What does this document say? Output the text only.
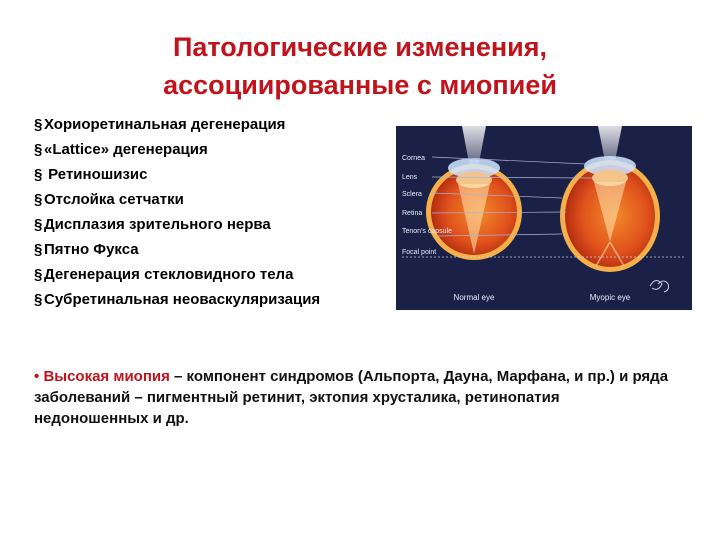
Патологические изменения,
ассоциированные с миопией
§ Хориоретинальная дегенерация
§ «Lattice» дегенерация
§ Ретиношизис
§ Отслойка сетчатки
§ Дисплазия зрительного нерва
§ Пятно Фукса
§ Дегенерация стекловидного тела
§ Субретинальная неоваскуляризация
Cornea
Lens
Sclera
Retina
Tenon's capsule
Focal point
Normal eye	Myopic eye

• Высокая миопия – компонент синдромов (Альпорта, Дауна, Марфана, и пр.) и ряда заболеваний – пигментный ретинит, эктопия хрусталика, ретинопатия недоношенных и др.
